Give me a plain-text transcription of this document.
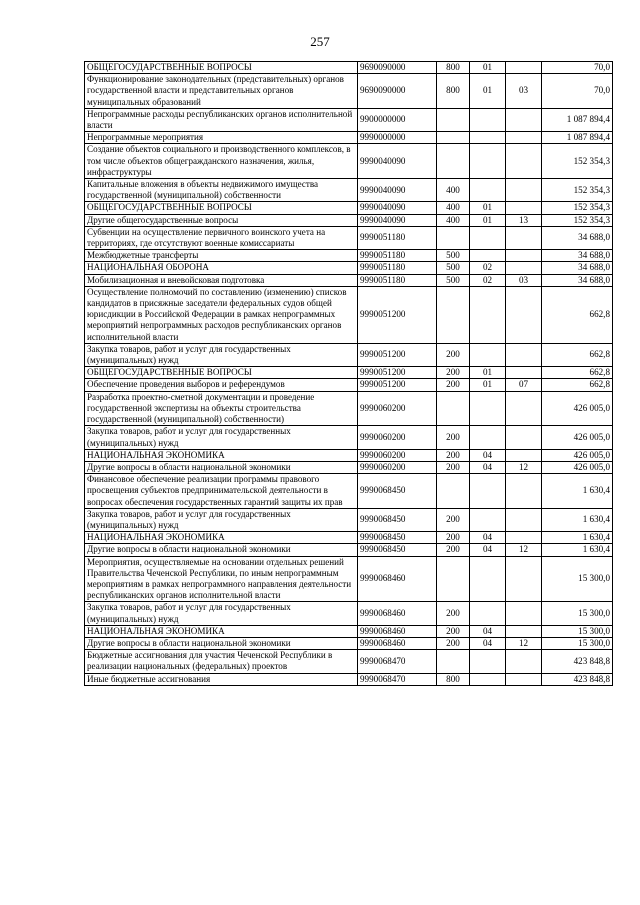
257
ОБЩЕГОСУДАРСТВЕННЫЕ ВОПРОСЫ	9690090000	800	01		70,0
Функционирование законодательных (представительных) органов государственной власти и представительных органов муниципальных образований	9690090000	800	01	03	70,0
Непрограммные расходы республиканских органов исполнительной власти	9900000000				1 087 894,4
Непрограммные мероприятия	9990000000				1 087 894,4
Создание объектов социального и производственного комплексов, в том числе объектов общегражданского назначения, жилья, инфраструктуры	9990040090				152 354,3
Капитальные вложения в объекты недвижимого имущества государственной (муниципальной) собственности	9990040090	400			152 354,3
ОБЩЕГОСУДАРСТВЕННЫЕ ВОПРОСЫ	9990040090	400	01		152 354,3
Другие общегосударственные вопросы	9990040090	400	01	13	152 354,3
Субвенции на осуществление первичного воинского учета на территориях, где отсутствуют военные комиссариаты	9990051180				34 688,0
Межбюджетные трансферты	9990051180	500			34 688,0
НАЦИОНАЛЬНАЯ ОБОРОНА	9990051180	500	02		34 688,0
Мобилизационная и вневойсковая подготовка	9990051180	500	02	03	34 688,0
Осуществление полномочий по составлению (изменению) списков кандидатов в присяжные заседатели федеральных судов общей юрисдикции в Российской Федерации в рамках непрограммных мероприятий непрограммных расходов республиканских органов исполнительной власти	9990051200				662,8
Закупка товаров, работ и услуг для государственных (муниципальных) нужд	9990051200	200			662,8
ОБЩЕГОСУДАРСТВЕННЫЕ ВОПРОСЫ	9990051200	200	01		662,8
Обеспечение проведения выборов и референдумов	9990051200	200	01	07	662,8
Разработка проектно-сметной документации и проведение государственной экспертизы на объекты строительства государственной (муниципальной) собственности)	9990060200				426 005,0
Закупка товаров, работ и услуг для государственных (муниципальных) нужд	9990060200	200			426 005,0
НАЦИОНАЛЬНАЯ ЭКОНОМИКА	9990060200	200	04		426 005,0
Другие вопросы в области национальной экономики	9990060200	200	04	12	426 005,0
Финансовое обеспечение реализации программы правового просвещения субъектов предпринимательской деятельности в вопросах обеспечения государственных гарантий защиты их прав	9990068450				1 630,4
Закупка товаров, работ и услуг для государственных (муниципальных) нужд	9990068450	200			1 630,4
НАЦИОНАЛЬНАЯ ЭКОНОМИКА	9990068450	200	04		1 630,4
Другие вопросы в области национальной экономики	9990068450	200	04	12	1 630,4
Мероприятия, осуществляемые на основании отдельных решений Правительства Чеченской Республики, по иным непрограммным мероприятиям в рамках непрограммного направления деятельности республиканских органов исполнительной власти	9990068460				15 300,0
Закупка товаров, работ и услуг для государственных (муниципальных) нужд	9990068460	200			15 300,0
НАЦИОНАЛЬНАЯ ЭКОНОМИКА	9990068460	200	04		15 300,0
Другие вопросы в области национальной экономики	9990068460	200	04	12	15 300,0
Бюджетные ассигнования для участия Чеченской Республики в реализации национальных (федеральных) проектов	9990068470				423 848,8
Иные бюджетные ассигнования	9990068470	800			423 848,8
